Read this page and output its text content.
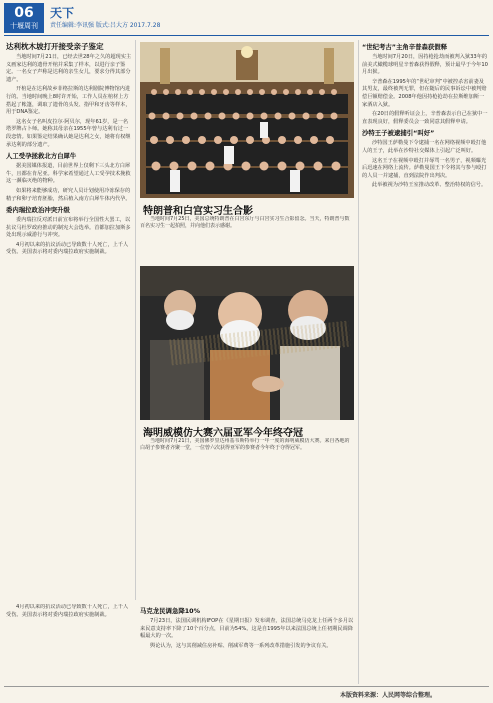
06
十堰周刊
天下
责任编辑:李讯强 版式:吕大方 2017.7.28
达利枕木坡打开接受亲子鉴定

当地时间7月21日，已经去世28年之久的超现实主义画家达利的遗骨开棺并采集了样本，以进行亲子鉴定。一名女子声称是达利的亲生女儿，要求分得其部分遗产。

开棺是在达利故乡菲格拉斯的达利剧院博物馆内进行的。当地时间晚上8时许开始，工作人员在棺材上方搭起了帐篷，调取了遗骨的头发、指甲和牙齿等样本，用于DNA鉴定。

这名女子名叫皮拉尔·阿贝尔，现年61岁，是一名塔罗牌占卜师。她称其母亲在1955年曾与达利有过一段恋情。如果鉴定结果确认她是达利之女，她将有权继承达利的部分遗产。

人工受孕拯救北方白犀牛

据美国媒体报道，目前世界上仅剩下三头北方白犀牛，且都在肯尼亚。科学家希望通过人工受孕技术挽救这一濒临灭绝的物种。

如果将来能够成功，研究人员计划使用冷冻保存的精子和卵子培育胚胎，然后植入南方白犀牛体内代孕。

委内瑞拉政治冲突升级

委内瑞拉反对派日前宣布将举行全国性大罢工，以抗议马杜罗政府推动的制宪大会选举。首都加拉加斯多处出现示威游行与冲突。

4月初以来的抗议活动已导致数十人死亡，上千人受伤。美国表示将对委内瑞拉政府实施制裁。

特朗普和白宫实习生合影

当地时间7月25日，美国总统特朗普在白宫东厅与白宫实习生合影留念。当天，特朗普与数百名实习生一起拍照，并向他们表示感谢。

海明威模仿大赛六届亚军今年终夺冠

当地时间7月21日，美国佛罗里达州基韦斯特举行一年一度的海明威模仿大赛。来自各地的白胡子参赛者齐聚一堂，一位曾六次获得亚军的参赛者今年终于夺得冠军。

马克龙民调急降10%

7月23日，法国民调机构IFOP在《星期日报》发布调查，法国总统马克龙上任两个多月以来民意支持率下降了10个百分点，目前为54%。这是自1995年以来法国总统上任初期民调降幅最大的一次。

舆论认为，这与其削减住房补贴、削减军费等一系列改革措施引发的争议有关。

4月初以来的抗议活动已导致数十人死亡，上千人受伤。美国表示将对委内瑞拉政府实施制裁。

“世纪考古”主角辛普森获假释

当地时间7月20日，因持枪抢劫而被判入狱33年的前美式橄榄球明星辛普森获得假释，预计最早于今年10月出狱。

辛普森在1995年的“世纪审判”中被控杀害前妻及其男友，最终被判无罪，但在随后的民事诉讼中被判赔偿巨额赔偿金。2008年他因持枪抢劫在拉斯维加斯一家酒店入狱。

在20日的假释听证会上，辛普森表示自己在狱中一直表现良好，假释委员会一致同意其假释申请。

沙特王子被逮捕引“叫好”

沙特国王萨勒曼下令逮捕一名在网络视频中殴打他人的王子，此举在沙特社交媒体上引起广泛叫好。

这名王子在视频中殴打并辱骂一名男子，视频曝光后迅速在网络上流传。萨勒曼国王下令将其与参与殴打的人员一并逮捕，直到法院作出判决。

此举被视为沙特王室推动改革、整治特权的信号。

本版资料来源：人民网等综合整理。
